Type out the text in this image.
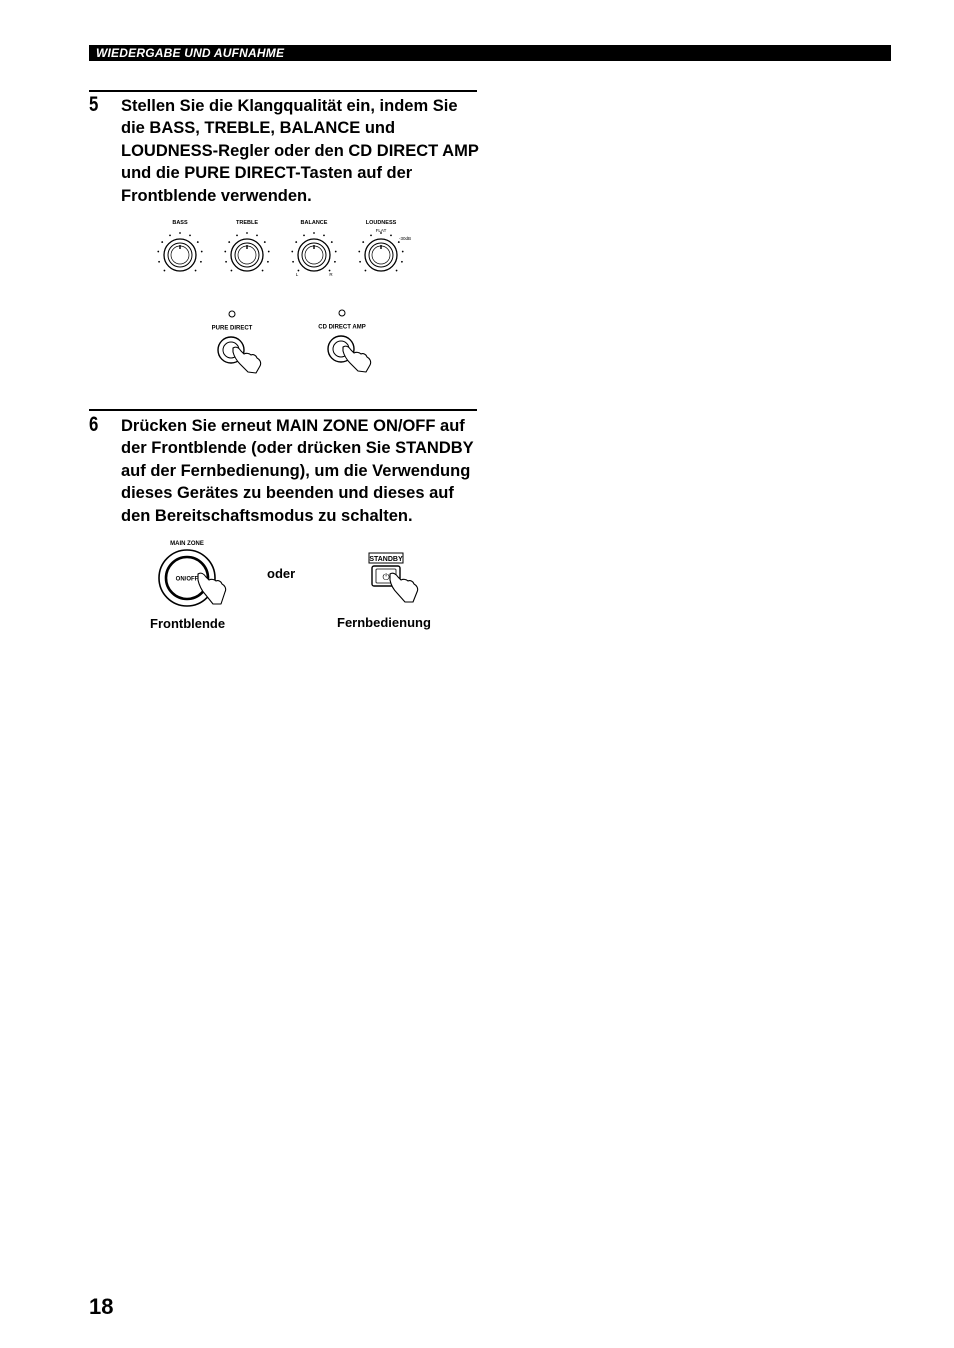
WIEDERGABE UND AUFNAHME
5 Stellen Sie die Klangqualität ein, indem Sie die BASS, TREBLE, BALANCE und LOUDNESS-Regler oder den CD DIRECT AMP und die PURE DIRECT-Tasten auf der Frontblende verwenden.
BASS	TREBLE	BALANCE	LOUDNESS
FLAT
-30dB
L	R
PURE DIRECT	CD DIRECT AMP
6 Drücken Sie erneut MAIN ZONE ON/OFF auf der Frontblende (oder drücken Sie STANDBY auf der Fernbedienung), um die Verwendung dieses Gerätes zu beenden und dieses auf den Bereitschaftsmodus zu schalten.
MAIN ZONE
ON/OFF	oder
STANDBY
⏻
Frontblende	Fernbedienung
18
